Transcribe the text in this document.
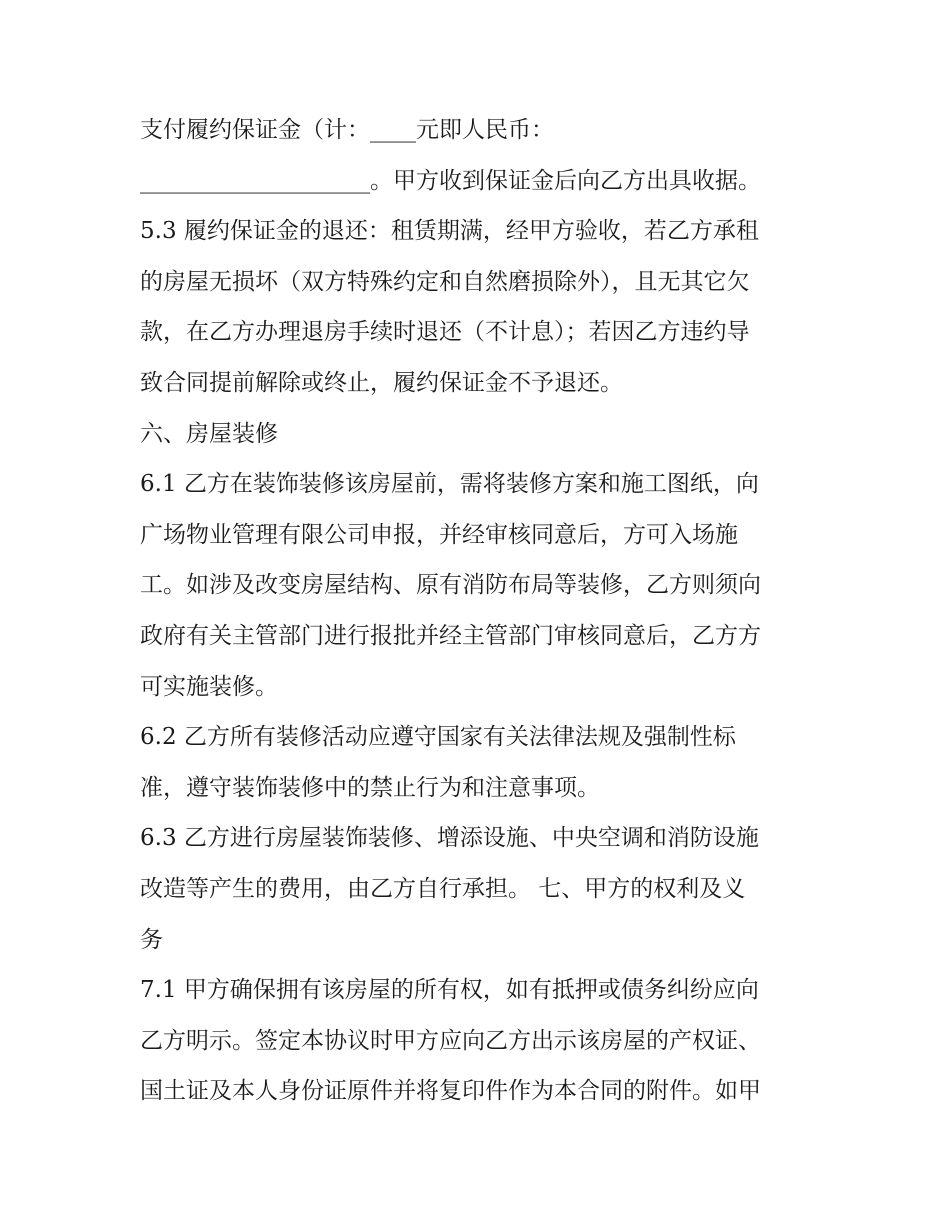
支付履约保证金（计：____元即人民币：
____________________。甲方收到保证金后向乙方出具收据。
5.3 履约保证金的退还：租赁期满，经甲方验收，若乙方承租
的房屋无损坏（双方特殊约定和自然磨损除外），且无其它欠
款，在乙方办理退房手续时退还（不计息）；若因乙方违约导
致合同提前解除或终止，履约保证金不予退还。
六、房屋装修
6.1 乙方在装饰装修该房屋前，需将装修方案和施工图纸，向
广场物业管理有限公司申报，并经审核同意后，方可入场施
工。如涉及改变房屋结构、原有消防布局等装修，乙方则须向
政府有关主管部门进行报批并经主管部门审核同意后，乙方方
可实施装修。
6.2 乙方所有装修活动应遵守国家有关法律法规及强制性标
准，遵守装饰装修中的禁止行为和注意事项。
6.3 乙方进行房屋装饰装修、增添设施、中央空调和消防设施
改造等产生的费用，由乙方自行承担。 七、甲方的权利及义
务
7.1 甲方确保拥有该房屋的所有权，如有抵押或债务纠纷应向
乙方明示。签定本协议时甲方应向乙方出示该房屋的产权证、
国土证及本人身份证原件并将复印件作为本合同的附件。如甲
